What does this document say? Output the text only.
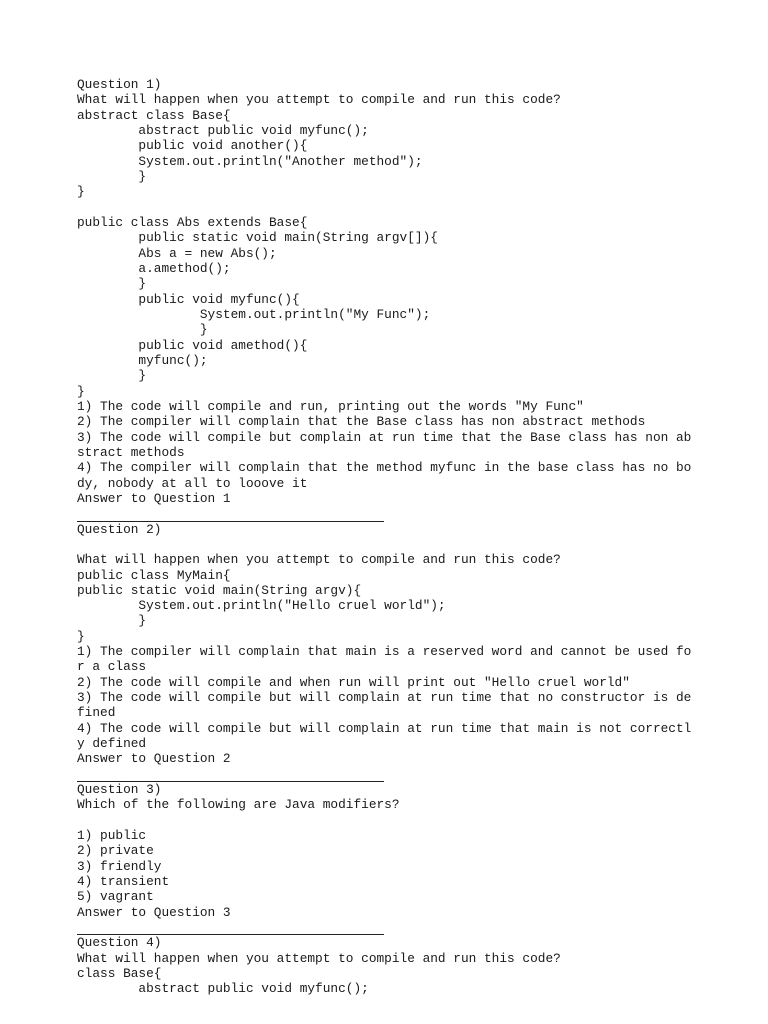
Question 1)
What will happen when you attempt to compile and run this code?
abstract class Base{
abstract public void myfunc();
public void another(){
System.out.println("Another method");
}
}
public class Abs extends Base{
public static void main(String argv[]){
Abs a = new Abs();
a.amethod();
}
public void myfunc(){
System.out.println("My Func");
}
public void amethod(){
myfunc();
}
}
1) The code will compile and run, printing out the words "My Func"
2) The compiler will complain that the Base class has non abstract methods
3) The code will compile but complain at run time that the Base class has non ab
stract methods
4) The compiler will complain that the method myfunc in the base class has no bo
dy, nobody at all to looove it
Answer to Question 1
Question 2)
What will happen when you attempt to compile and run this code?
public class MyMain{
public static void main(String argv){
System.out.println("Hello cruel world");
}
}
1) The compiler will complain that main is a reserved word and cannot be used fo
r a class
2) The code will compile and when run will print out "Hello cruel world"
3) The code will compile but will complain at run time that no constructor is de
fined
4) The code will compile but will complain at run time that main is not correctl
y defined
Answer to Question 2
Question 3)
Which of the following are Java modifiers?
1) public
2) private
3) friendly
4) transient
5) vagrant
Answer to Question 3
Question 4)
What will happen when you attempt to compile and run this code?
class Base{
abstract public void myfunc();
